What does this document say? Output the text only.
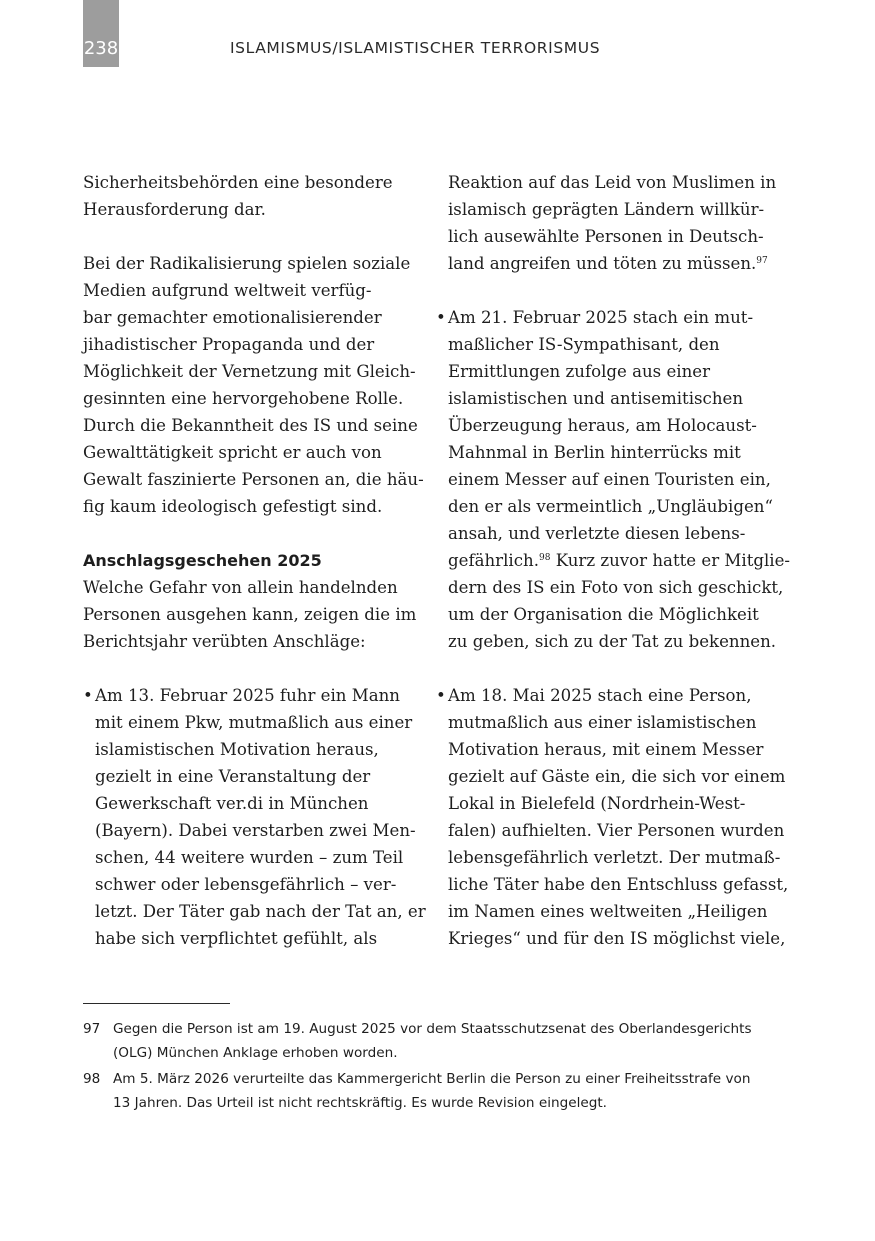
238	ISLAMISMUS/ISLAMISTISCHER TERRORISMUS
Sicherheitsbehörden eine besondere
Herausforderung dar.
Bei der Radikalisierung spielen soziale
Medien aufgrund weltweit verfüg-
bar gemachter emotionalisierender
jihadistischer Propaganda und der
Möglichkeit der Vernetzung mit Gleich-
gesinnten eine hervorgehobene Rolle.
Durch die Bekanntheit des IS und seine
Gewalttätigkeit spricht er auch von
Gewalt faszinierte Personen an, die häu-
fig kaum ideologisch gefestigt sind.
Anschlagsgeschehen 2025
Welche Gefahr von allein handelnden
Personen ausgehen kann, zeigen die im
Berichtsjahr verübten Anschläge:
• Am 13. Februar 2025 fuhr ein Mann
mit einem Pkw, mutmaßlich aus einer
islamistischen Motivation heraus,
gezielt in eine Veranstaltung der
Gewerkschaft ver.di in München
(Bayern). Dabei verstarben zwei Men-
schen, 44 weitere wurden – zum Teil
schwer oder lebensgefährlich – ver-
letzt. Der Täter gab nach der Tat an, er
habe sich verpflichtet gefühlt, als
Reaktion auf das Leid von Muslimen in
islamisch geprägten Ländern willkür-
lich ausewählte Personen in Deutsch-
land angreifen und töten zu müssen.$^{97}$
• Am 21. Februar 2025 stach ein mut-
maßlicher IS-Sympathisant, den
Ermittlungen zufolge aus einer
islamistischen und antisemitischen
Überzeugung heraus, am Holocaust-
Mahnmal in Berlin hinterrücks mit
einem Messer auf einen Touristen ein,
den er als vermeintlich „Ungläubigen“
ansah, und verletzte diesen lebens-
gefährlich.$^{98}$ Kurz zuvor hatte er Mitglie-
dern des IS ein Foto von sich geschickt,
um der Organisation die Möglichkeit
zu geben, sich zu der Tat zu bekennen.
• Am 18. Mai 2025 stach eine Person,
mutmaßlich aus einer islamistischen
Motivation heraus, mit einem Messer
gezielt auf Gäste ein, die sich vor einem
Lokal in Bielefeld (Nordrhein-West-
falen) aufhielten. Vier Personen wurden
lebensgefährlich verletzt. Der mutmaß-
liche Täter habe den Entschluss gefasst,
im Namen eines weltweiten „Heiligen
Krieges“ und für den IS möglichst viele,
97 Gegen die Person ist am 19. August 2025 vor dem Staatsschutzsenat des Oberlandesgerichts
(OLG) München Anklage erhoben worden.
98 Am 5. März 2026 verurteilte das Kammergericht Berlin die Person zu einer Freiheitsstrafe von
13 Jahren. Das Urteil ist nicht rechtskräftig. Es wurde Revision eingelegt.
